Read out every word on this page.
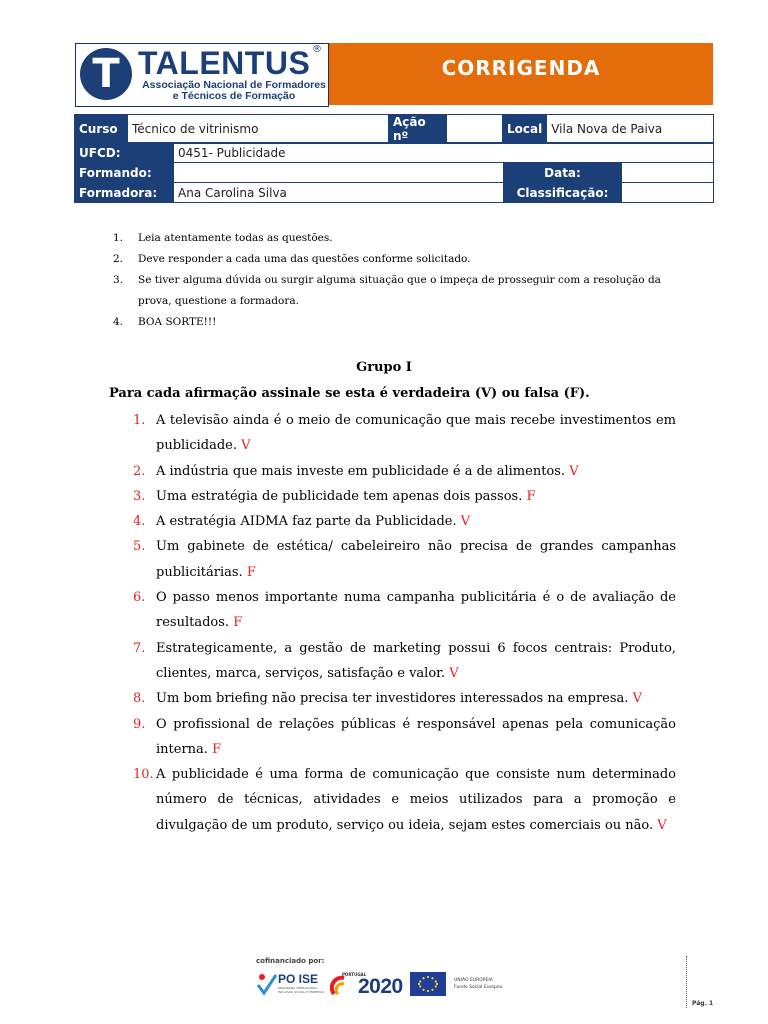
T TALENTUS ®
Associação Nacional de Formadores
e Técnicos de Formação
CORRIGENDA
Curso	Técnico de vitrinismo	Ação nº		Local	Vila Nova de Paiva
UFCD:	0451- Publicidade		
Formando:		Data:	
Formadora:	Ana Carolina Silva	Classificação:	
1. Leia atentamente todas as questões.
2. Deve responder a cada uma das questões conforme solicitado.
3. Se tiver alguma dúvida ou surgir alguma situação que o impeça de prosseguir com a resolução da prova, questione a formadora.
4. BOA SORTE!!!
Grupo I
Para cada afirmação assinale se esta é verdadeira (V) ou falsa (F).
1. A televisão ainda é o meio de comunicação que mais recebe investimentos em publicidade. V
2. A indústria que mais investe em publicidade é a de alimentos. V
3. Uma estratégia de publicidade tem apenas dois passos. F
4. A estratégia AIDMA faz parte da Publicidade. V
5. Um gabinete de estética/ cabeleireiro não precisa de grandes campanhas publicitárias. F
6. O passo menos importante numa campanha publicitária é o de avaliação de resultados. F
7. Estrategicamente, a gestão de marketing possui 6 focos centrais: Produto, clientes, marca, serviços, satisfação e valor. V
8. Um bom briefing não precisa ter investidores interessados na empresa. V
9. O profissional de relações públicas é responsável apenas pela comunicação interna. F
10. A publicidade é uma forma de comunicação que consiste num determinado número de técnicas, atividades e meios utilizados para a promoção e divulgação de um produto, serviço ou ideia, sejam estes comerciais ou não. V
cofinanciado por:
PO ISE
PROGRAMA OPERACIONAL INCLUSÃO SOCIAL E EMPREGO
PORTUGAL
2020	UNIÃO EUROPEIA
Fundo Social Europeu
Pág. 1
